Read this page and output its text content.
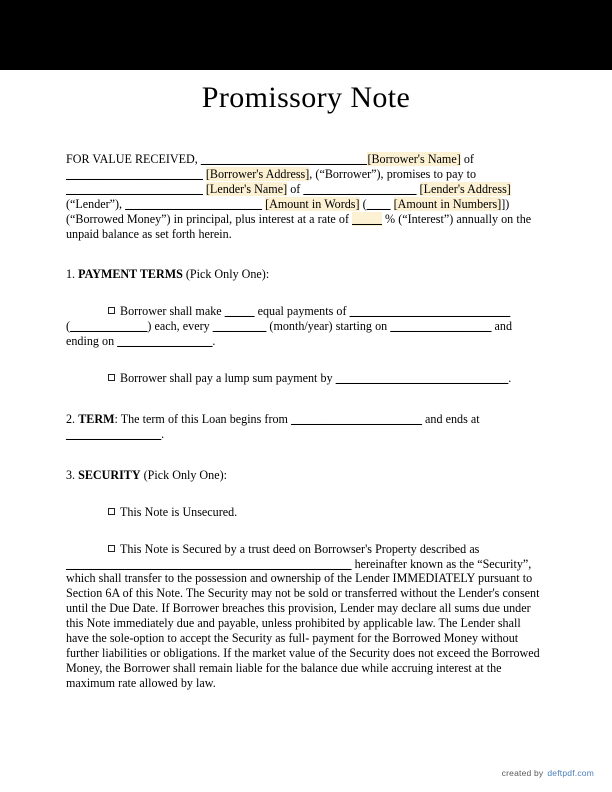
Promissory Note
FOR VALUE RECEIVED, ____________________________[Borrower's Name] of
_______________________ [Borrower's Address], (“Borrower”), promises to pay to
_______________________ [Lender's Name] of ___________________ [Lender's Address]
(“Lender”), _______________________ [Amount in Words] (____ [Amount in Numbers]])
(“Borrowed Money”) in principal, plus interest at a rate of _____ % (“Interest”) annually on the
unpaid balance as set forth herein.
1. PAYMENT TERMS (Pick Only One):
Borrower shall make _____ equal payments of ___________________________
(_____________) each, every _________ (month/year) starting on _________________ and
ending on ________________.
Borrower shall pay a lump sum payment by _____________________________.
2. TERM: The term of this Loan begins from ______________________ and ends at
________________.
3. SECURITY (Pick Only One):
This Note is Unsecured.
This Note is Secured by a trust deed on Borrowser's Property described as
________________________________________________ hereinafter known as the “Security”, which shall transfer to the possession and ownership of the Lender IMMEDIATELY pursuant to Section 6A of this Note. The Security may not be sold or transferred without the Lender's consent until the Due Date. If Borrower breaches this provision, Lender may declare all sums due under this Note immediately due and payable, unless prohibited by applicable law. The Lender shall have the sole-option to accept the Security as full- payment for the Borrowed Money without further liabilities or obligations. If the market value of the Security does not exceed the Borrowed Money, the Borrower shall remain liable for the balance due while accruing interest at the maximum rate allowed by law.
created by deftpdf.com
